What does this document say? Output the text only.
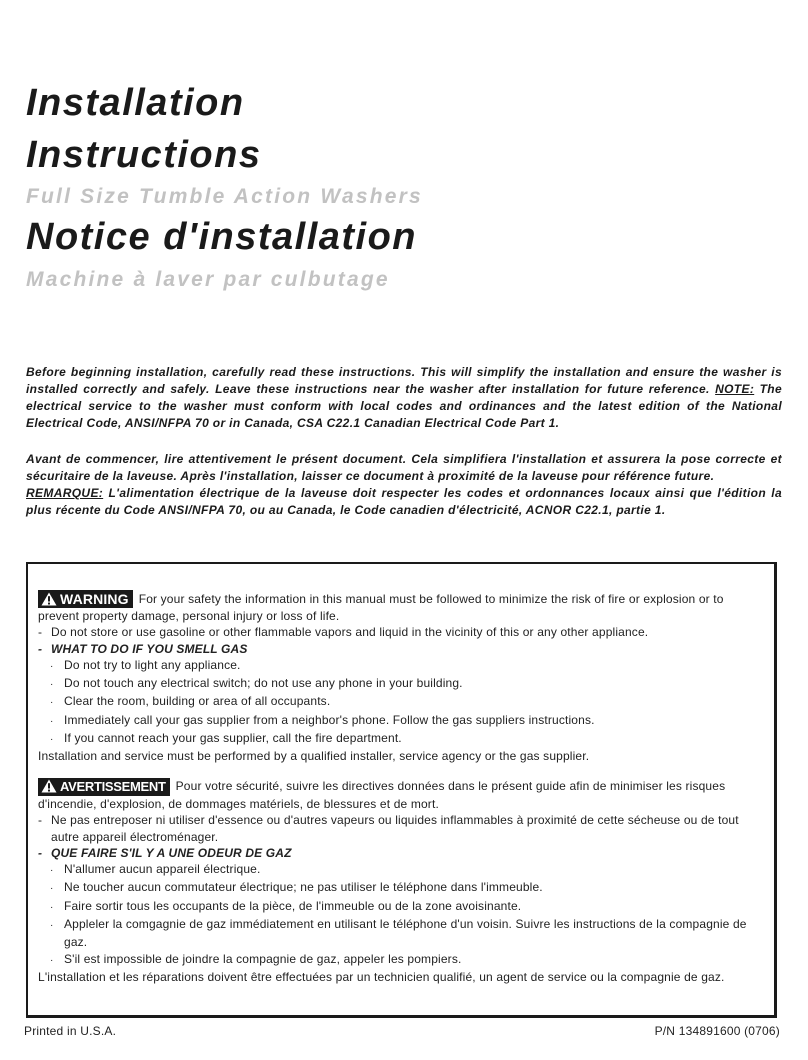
Installation
Instructions
Full Size Tumble Action Washers
Notice d'installation
Machine à laver par culbutage

Before beginning installation, carefully read these instructions. This will simplify the installation and ensure the washer is installed correctly and safely. Leave these instructions near the washer after installation for future reference. NOTE: The electrical service to the washer must conform with local codes and ordinances and the latest edition of the National Electrical Code, ANSI/NFPA 70 or in Canada, CSA C22.1 Canadian Electrical Code Part 1.

Avant de commencer, lire attentivement le présent document. Cela simplifiera l'installation et assurera la pose correcte et sécuritaire de la laveuse. Après l'installation, laisser ce document à proximité de la laveuse pour référence future.

REMARQUE: L'alimentation électrique de la laveuse doit respecter les codes et ordonnances locaux ainsi que l'édition la plus récente du Code ANSI/NFPA 70, ou au Canada, le Code canadien d'électricité, ACNOR C22.1, partie 1.

WARNING For your safety the information in this manual must be followed to minimize the risk of fire or explosion or to prevent property damage, personal injury or loss of life.
- Do not store or use gasoline or other flammable vapors and liquid in the vicinity of this or any other appliance.
- WHAT TO DO IF YOU SMELL GAS
· Do not try to light any appliance.
· Do not touch any electrical switch; do not use any phone in your building.
· Clear the room, building or area of all occupants.
· Immediately call your gas supplier from a neighbor's phone. Follow the gas suppliers instructions.
· If you cannot reach your gas supplier, call the fire department.
Installation and service must be performed by a qualified installer, service agency or the gas supplier.
AVERTISSEMENT Pour votre sécurité, suivre les directives données dans le présent guide afin de minimiser les risques d'incendie, d'explosion, de dommages matériels, de blessures et de mort.
- Ne pas entreposer ni utiliser d'essence ou d'autres vapeurs ou liquides inflammables à proximité de cette sécheuse ou de tout autre appareil électroménager.
- QUE FAIRE S'IL Y A UNE ODEUR DE GAZ
· N'allumer aucun appareil électrique.
· Ne toucher aucun commutateur électrique; ne pas utiliser le téléphone dans l'immeuble.
· Faire sortir tous les occupants de la pièce, de l'immeuble ou de la zone avoisinante.
· Appleler la comgagnie de gaz immédiatement en utilisant le téléphone d'un voisin. Suivre les instructions de la compagnie de gaz.
· S'il est impossible de joindre la compagnie de gaz, appeler les pompiers.
L'installation et les réparations doivent être effectuées par un technicien qualifié, un agent de service ou la compagnie de gaz.
Printed in U.S.A.	P/N 134891600 (0706)
